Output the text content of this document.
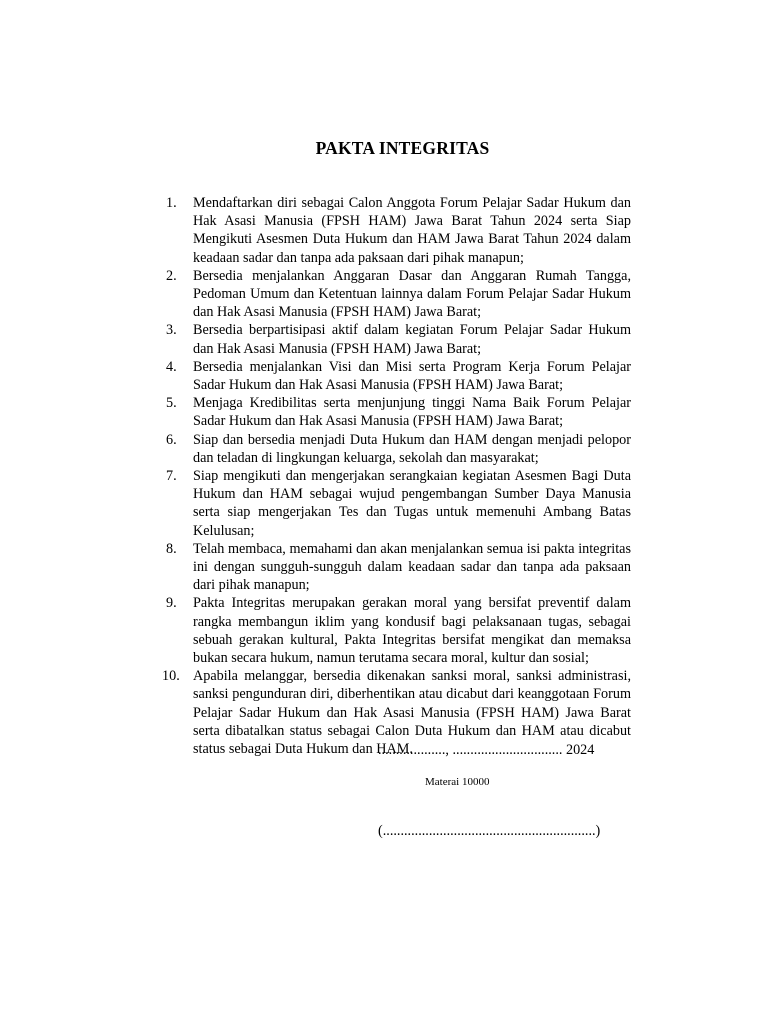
PAKTA INTEGRITAS
1.	Mendaftarkan diri sebagai Calon Anggota Forum Pelajar Sadar Hukum dan Hak Asasi Manusia (FPSH HAM) Jawa Barat Tahun 2024 serta Siap Mengikuti Asesmen Duta Hukum dan HAM Jawa Barat Tahun 2024 dalam keadaan sadar dan tanpa ada paksaan dari pihak manapun;
2.	Bersedia menjalankan Anggaran Dasar dan Anggaran Rumah Tangga, Pedoman Umum dan Ketentuan lainnya dalam Forum Pelajar Sadar Hukum dan Hak Asasi Manusia (FPSH HAM) Jawa Barat;
3.	Bersedia berpartisipasi aktif dalam kegiatan Forum Pelajar Sadar Hukum dan Hak Asasi Manusia (FPSH HAM) Jawa Barat;
4.	Bersedia menjalankan Visi dan Misi serta Program Kerja Forum Pelajar Sadar Hukum dan Hak Asasi Manusia (FPSH HAM) Jawa Barat;
5.	Menjaga Kredibilitas serta menjunjung tinggi Nama Baik Forum Pelajar Sadar Hukum dan Hak Asasi Manusia (FPSH HAM) Jawa Barat;
6.	Siap dan bersedia menjadi Duta Hukum dan HAM dengan menjadi pelopor dan teladan di lingkungan keluarga, sekolah dan masyarakat;
7.	Siap mengikuti dan mengerjakan serangkaian kegiatan Asesmen Bagi Duta Hukum dan HAM sebagai wujud pengembangan Sumber Daya Manusia serta siap mengerjakan Tes dan Tugas untuk memenuhi Ambang Batas Kelulusan;
8.	Telah membaca, memahami dan akan menjalankan semua isi pakta integritas ini dengan sungguh-sungguh dalam keadaan sadar dan tanpa ada paksaan dari pihak manapun;
9.	Pakta Integritas merupakan gerakan moral yang bersifat preventif dalam rangka membangun iklim yang kondusif bagi pelaksanaan tugas, sebagai sebuah gerakan kultural, Pakta Integritas bersifat mengikat dan memaksa bukan secara hukum, namun terutama secara moral, kultur dan sosial;
10. Apabila melanggar, bersedia dikenakan sanksi moral, sanksi administrasi, sanksi pengunduran diri, diberhentikan atau dicabut dari keanggotaan Forum Pelajar Sadar Hukum dan Hak Asasi Manusia (FPSH HAM) Jawa Barat serta dibatalkan status sebagai Calon Duta Hukum dan HAM atau dicabut status sebagai Duta Hukum dan HAM.
..................., ............................... 2024
Materai 10000
(............................................................)
